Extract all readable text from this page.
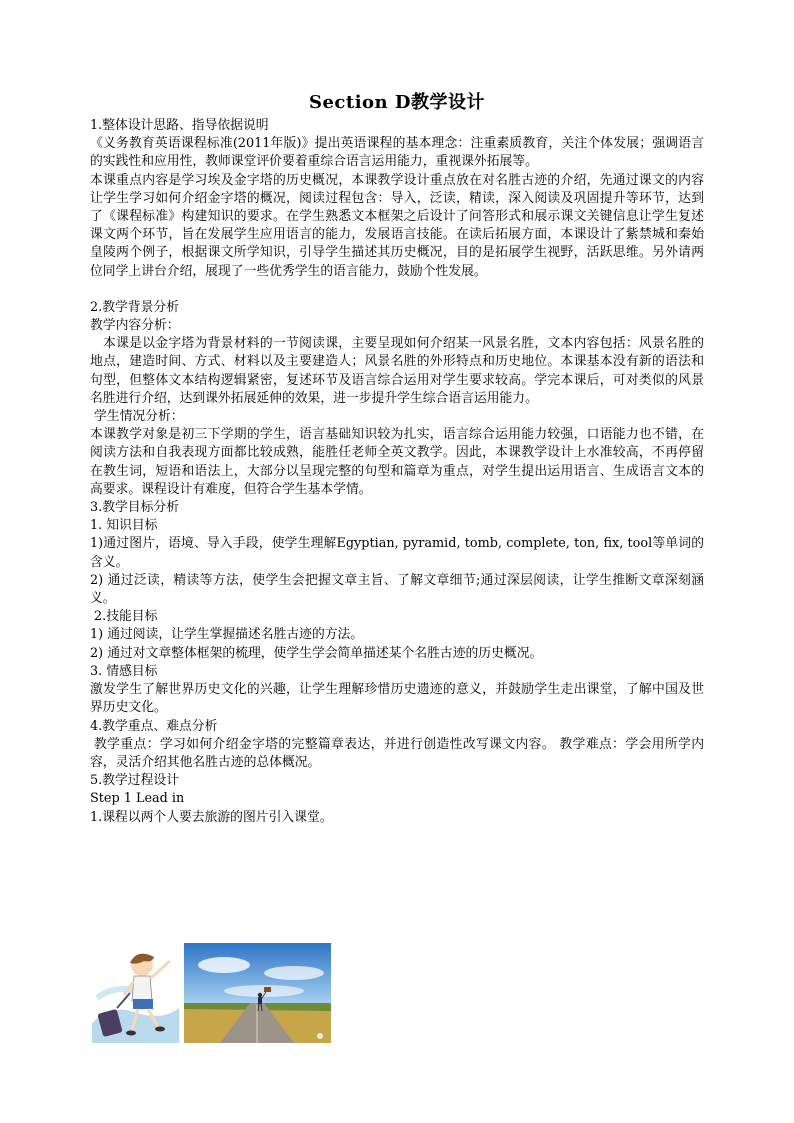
Section D教学设计

1.整体设计思路、指导依据说明

《义务教育英语课程标准(2011年版)》提出英语课程的基本理念：注重素质教育，关注个体发展；强调语言的实践性和应用性，教师课堂评价要着重综合语言运用能力，重视课外拓展等。

本课重点内容是学习埃及金字塔的历史概况，本课教学设计重点放在对名胜古迹的介绍，先通过课文的内容让学生学习如何介绍金字塔的概况，阅读过程包含：导入，泛读，精读，深入阅读及巩固提升等环节，达到了《课程标准》构建知识的要求。在学生熟悉文本框架之后设计了问答形式和展示课文关键信息让学生复述课文两个环节，旨在发展学生应用语言的能力，发展语言技能。在读后拓展方面，本课设计了紫禁城和秦始皇陵两个例子，根据课文所学知识，引导学生描述其历史概况，目的是拓展学生视野，活跃思维。另外请两位同学上讲台介绍，展现了一些优秀学生的语言能力，鼓励个性发展。

2.教学背景分析

教学内容分析：

本课是以金字塔为背景材料的一节阅读课，主要呈现如何介绍某一风景名胜，文本内容包括：风景名胜的地点，建造时间、方式、材料以及主要建造人；风景名胜的外形特点和历史地位。本课基本没有新的语法和句型，但整体文本结构逻辑紧密，复述环节及语言综合运用对学生要求较高。学完本课后，可对类似的风景名胜进行介绍，达到课外拓展延伸的效果，进一步提升学生综合语言运用能力。

学生情况分析：

本课教学对象是初三下学期的学生，语言基础知识较为扎实，语言综合运用能力较强，口语能力也不错，在阅读方法和自我表现方面都比较成熟，能胜任老师全英文教学。因此，本课教学设计上水准较高，不再停留在教生词，短语和语法上，大部分以呈现完整的句型和篇章为重点，对学生提出运用语言、生成语言文本的高要求。课程设计有难度，但符合学生基本学情。

3.教学目标分析

1. 知识目标

1)通过图片，语境、导入手段，使学生理解Egyptian, pyramid, tomb, complete, ton, fix, tool等单词的含义。

2) 通过泛读，精读等方法，使学生会把握文章主旨、了解文章细节;通过深层阅读，让学生推断文章深刻涵义。

2.技能目标

1) 通过阅读，让学生掌握描述名胜古迹的方法。

2) 通过对文章整体框架的梳理，使学生学会简单描述某个名胜古迹的历史概况。

3. 情感目标

激发学生了解世界历史文化的兴趣，让学生理解珍惜历史遗迹的意义，并鼓励学生走出课堂，了解中国及世界历史文化。

4.教学重点、难点分析

教学重点：学习如何介绍金字塔的完整篇章表达，并进行创造性改写课文内容。 教学难点：学会用所学内容，灵活介绍其他名胜古迹的总体概况。

5.教学过程设计

Step 1 Lead in

1.课程以两个人要去旅游的图片引入课堂。
